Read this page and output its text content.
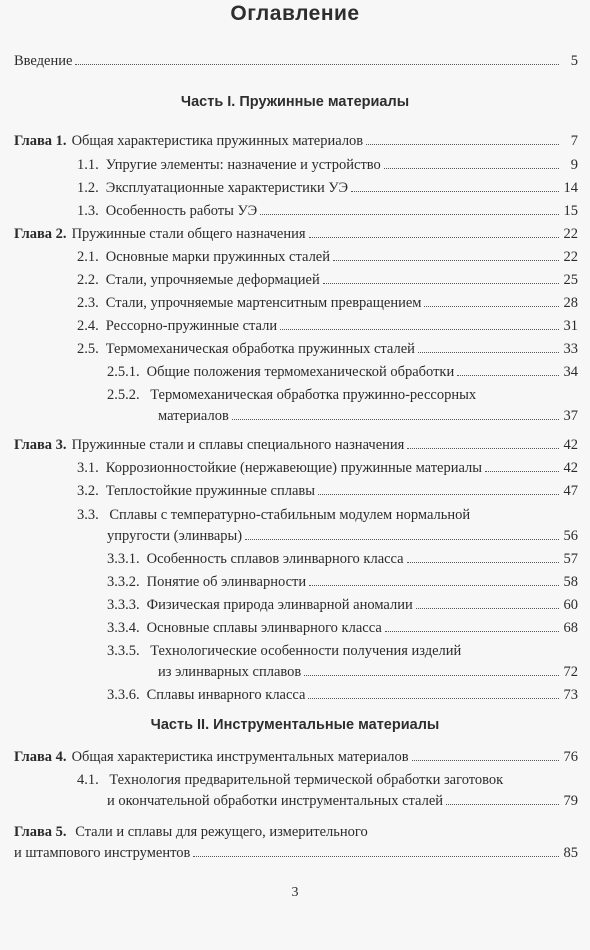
Оглавление
Введение	5
Часть I. Пружинные материалы
Глава 1. Общая характеристика пружинных материалов	7
1.1. Упругие элементы: назначение и устройство	9
1.2. Эксплуатационные характеристики УЭ	14
1.3. Особенность работы УЭ	15
Глава 2. Пружинные стали общего назначения	22
2.1. Основные марки пружинных сталей	22
2.2. Стали, упрочняемые деформацией	25
2.3. Стали, упрочняемые мартенситным превращением	28
2.4. Рессорно-пружинные стали	31
2.5. Термомеханическая обработка пружинных сталей	33
2.5.1. Общие положения термомеханической обработки	34
2.5.2. Термомеханическая обработка пружинно-рессорных
материалов	37
Глава 3. Пружинные стали и сплавы специального назначения	42
3.1. Коррозионностойкие (нержавеющие) пружинные материалы	42
3.2. Теплостойкие пружинные сплавы	47
3.3. Сплавы с температурно-стабильным модулем нормальной
упругости (элинвары)	56
3.3.1. Особенность сплавов элинварного класса	57
3.3.2. Понятие об элинварности	58
3.3.3. Физическая природа элинварной аномалии	60
3.3.4. Основные сплавы элинварного класса	68
3.3.5. Технологические особенности получения изделий
из элинварных сплавов	72
3.3.6. Сплавы инварного класса	73
Часть II. Инструментальные материалы
Глава 4. Общая характеристика инструментальных материалов	76
4.1. Технология предварительной термической обработки заготовок
и окончательной обработки инструментальных сталей	79
Глава 5. Стали и сплавы для режущего, измерительного
и штампового инструментов	85
3
